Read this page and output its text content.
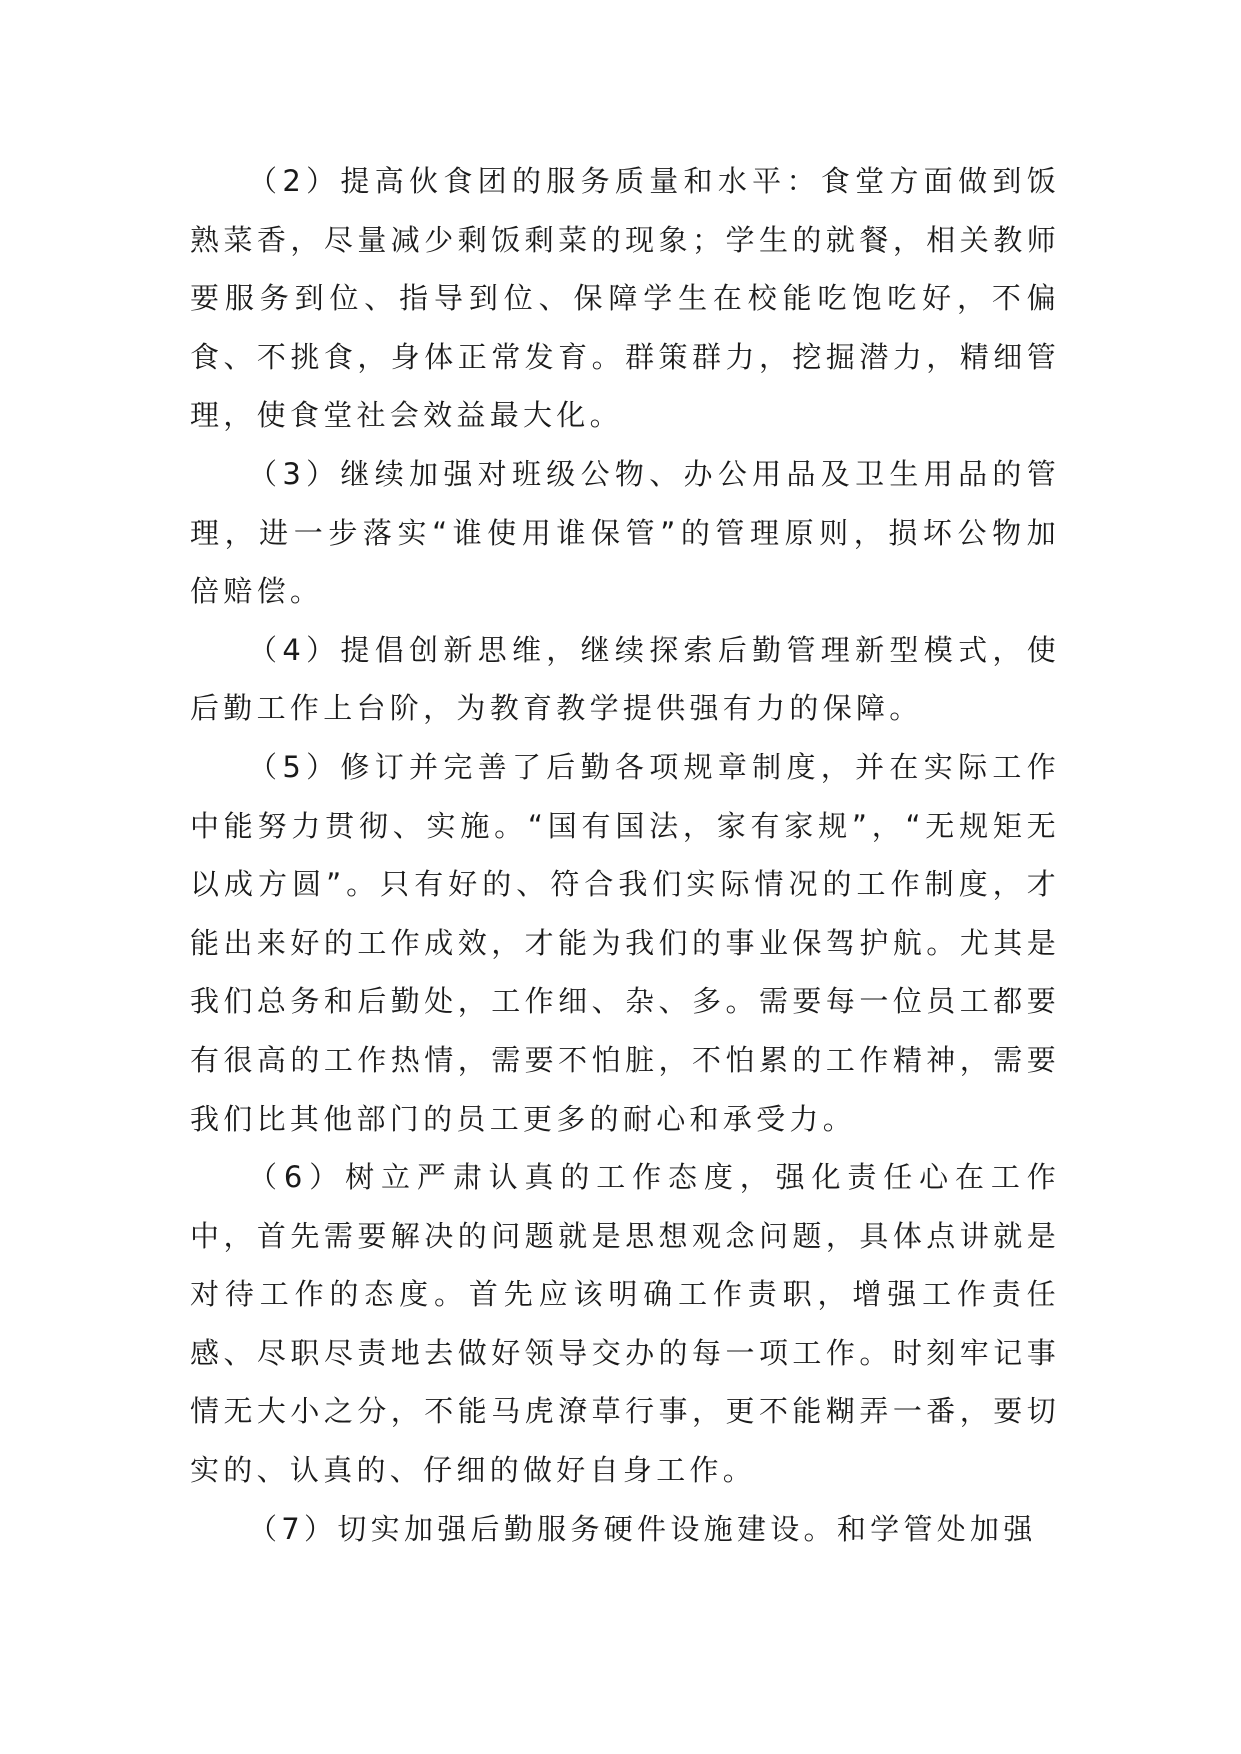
（2）提高伙食团的服务质量和水平：食堂方面做到饭熟菜香，尽量减少剩饭剩菜的现象；学生的就餐，相关教师要服务到位、指导到位、保障学生在校能吃饱吃好，不偏食、不挑食，身体正常发育。群策群力，挖掘潜力，精细管理，使食堂社会效益最大化。

（3）继续加强对班级公物、办公用品及卫生用品的管理，进一步落实“谁使用谁保管”的管理原则，损坏公物加倍赔偿。

（4）提倡创新思维，继续探索后勤管理新型模式，使后勤工作上台阶，为教育教学提供强有力的保障。

（5）修订并完善了后勤各项规章制度，并在实际工作中能努力贯彻、实施。“国有国法，家有家规”，“无规矩无以成方圆”。只有好的、符合我们实际情况的工作制度，才能出来好的工作成效，才能为我们的事业保驾护航。尤其是我们总务和后勤处，工作细、杂、多。需要每一位员工都要有很高的工作热情，需要不怕脏，不怕累的工作精神，需要我们比其他部门的员工更多的耐心和承受力。

（6）树立严肃认真的工作态度，强化责任心在工作中，首先需要解决的问题就是思想观念问题，具体点讲就是对待工作的态度。首先应该明确工作责职，增强工作责任感、尽职尽责地去做好领导交办的每一项工作。时刻牢记事情无大小之分，不能马虎潦草行事，更不能糊弄一番，要切实的、认真的、仔细的做好自身工作。

（7）切实加强后勤服务硬件设施建设。和学管处加强
